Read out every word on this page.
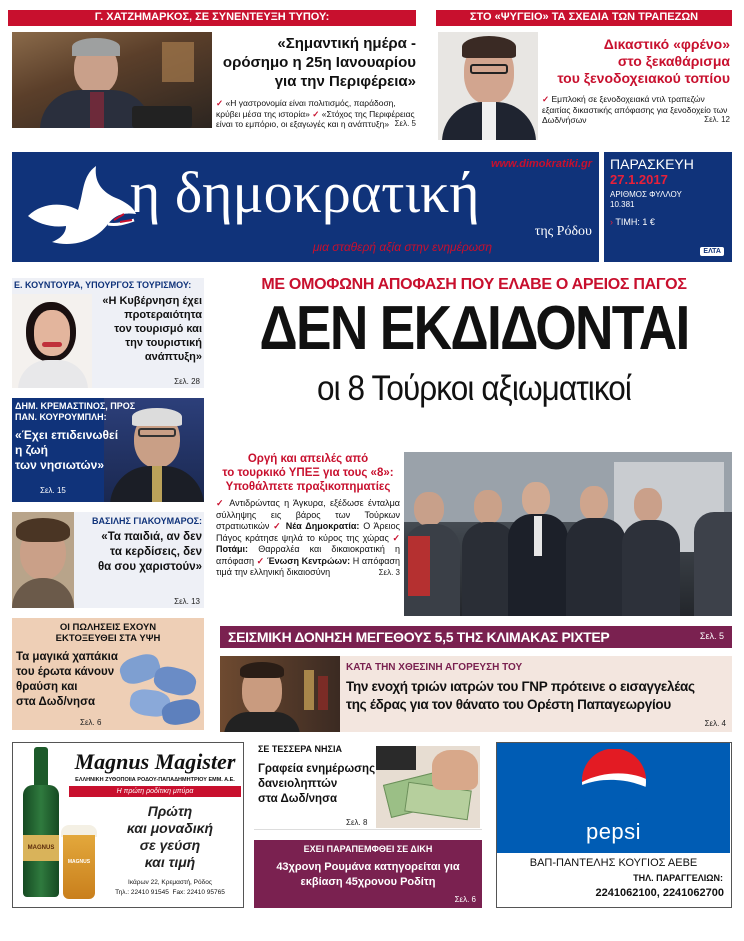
Γ. ΧΑΤΖΗΜΑΡΚΟΣ, ΣΕ ΣΥΝΕΝΤΕΥΞΗ ΤΥΠΟΥ:
«Σημαντική ημέρα -
ορόσημο η 25η Ιανουαρίου
για την Περιφέρεια»
✓ «Η γαστρονομία είναι πολιτισμός, παράδοση, κρύβει μέσα της ιστορία» ✓ «Στόχος της Περιφέρειας είναι το εμπόριο, οι εξαγωγές και η ανάπτυξη» Σελ. 5
ΣΤΟ «ΨΥΓΕΙΟ» ΤΑ ΣΧΕΔΙΑ ΤΩΝ ΤΡΑΠΕΖΩΝ
Δικαστικό «φρένο»
στο ξεκαθάρισμα
του ξενοδοχειακού τοπίου
✓ Εμπλοκή σε ξενοδοχειακά ντιλ τραπεζών εξαιτίας δικαστικής απόφασης για ξενοδοχείο των Δωδ/νήσων	Σελ. 12
www.dimokratiki.gr
η δημοκρατική
της Ρόδου
μια σταθερή αξία στην ενημέρωση
ΠΑΡΑΣΚΕΥΗ
27.1.2017
ΑΡΙΘΜΟΣ ΦΥΛΛΟΥ
10.381
› ΤΙΜΗ: 1 €
ΕΛΤΑ
Ε. ΚΟΥΝΤΟΥΡΑ, ΥΠΟΥΡΓΟΣ ΤΟΥΡΙΣΜΟΥ:
«Η Κυβέρνηση έχει
προτεραιότητα
τον τουρισμό και
την τουριστική
ανάπτυξη»
Σελ. 28
ΔΗΜ. ΚΡΕΜΑΣΤΙΝΟΣ, ΠΡΟΣ
ΠΑΝ. ΚΟΥΡΟΥΜΠΛΗ:
«Έχει επιδεινωθεί
η ζωή
των νησιωτών»
Σελ. 15
ΒΑΣΙΛΗΣ ΓΙΑΚΟΥΜΑΡΟΣ:
«Τα παιδιά, αν δεν
τα κερδίσεις, δεν
θα σου χαριστούν»
Σελ. 13
ΟΙ ΠΩΛΗΣΕΙΣ ΕΧΟΥΝ
ΕΚΤΟΞΕΥΘΕΙ ΣΤΑ ΥΨΗ
Τα μαγικά χαπάκια
του έρωτα κάνουν
θραύση και
στα Δωδ/νησα
Σελ. 6
ΜΕ ΟΜΟΦΩΝΗ ΑΠΟΦΑΣΗ ΠΟΥ ΕΛΑΒΕ Ο ΑΡΕΙΟΣ ΠΑΓΟΣ
ΔΕΝ ΕΚΔΙΔΟΝΤΑΙ
οι 8 Τούρκοι αξιωματικοί
Οργή και απειλές από
το τουρκικό ΥΠΕΞ για τους «8»:
Υποθάλπετε πραξικοπηματίες
✓ Αντιδρώντας η Άγκυρα, εξέδωσε ένταλμα σύλληψης εις βάρος των Τούρκων στρατιωτικών ✓ Νέα Δημοκρατία: Ο Άρειος Πάγος κράτησε ψηλά το κύρος της χώρας ✓ Ποτάμι: Θαρραλέα και δικαιοκρατική η απόφαση ✓ Ένωση Κεντρώων: Η απόφαση τιμά την ελληνική δικαιοσύνη	Σελ. 3
ΣΕΙΣΜΙΚΗ ΔΟΝΗΣΗ ΜΕΓΕΘΟΥΣ 5,5 ΤΗΣ ΚΛΙΜΑΚΑΣ ΡΙΧΤΕΡ	Σελ. 5
ΚΑΤΑ ΤΗΝ ΧΘΕΣΙΝΗ ΑΓΟΡΕΥΣΗ ΤΟΥ
Την ενοχή τριών ιατρών του ΓΝΡ πρότεινε ο εισαγγελέας
της έδρας για τον θάνατο του Ορέστη Παπαγεωργίου
Σελ. 4
MAGNUS
MAGNUS
Magnus Magister
ΕΛΛΗΝΙΚΗ ΖΥΘΟΠΟΙΙΑ ΡΟΔΟΥ-ΠΑΠΑΔΗΜΗΤΡΙΟΥ ΕΜΜ. Α.Ε.
Η πρώτη ροδίτικη μπύρα
Πρώτη
και μοναδική
σε γεύση
και τιμή
Ικάρων 22, Κρεμαστή, Ρόδος
Τηλ.: 22410 91545 Fax: 22410 95765
ΣΕ ΤΕΣΣΕΡΑ ΝΗΣΙΑ
Γραφεία ενημέρωσης
δανειοληπτών
στα Δωδ/νησα
Σελ. 8
ΕΧΕΙ ΠΑΡΑΠΕΜΦΘΕΙ ΣΕ ΔΙΚΗ
43χρονη Ρουμάνα κατηγορείται για
εκβίαση 45χρονου Ροδίτη
Σελ. 6
pepsi
ΒΑΠ-ΠΑΝΤΕΛΗΣ ΚΟΥΓΙΟΣ ΑΕΒΕ
ΤΗΛ. ΠΑΡΑΓΓΕΛΙΩΝ:
2241062100, 2241062700
